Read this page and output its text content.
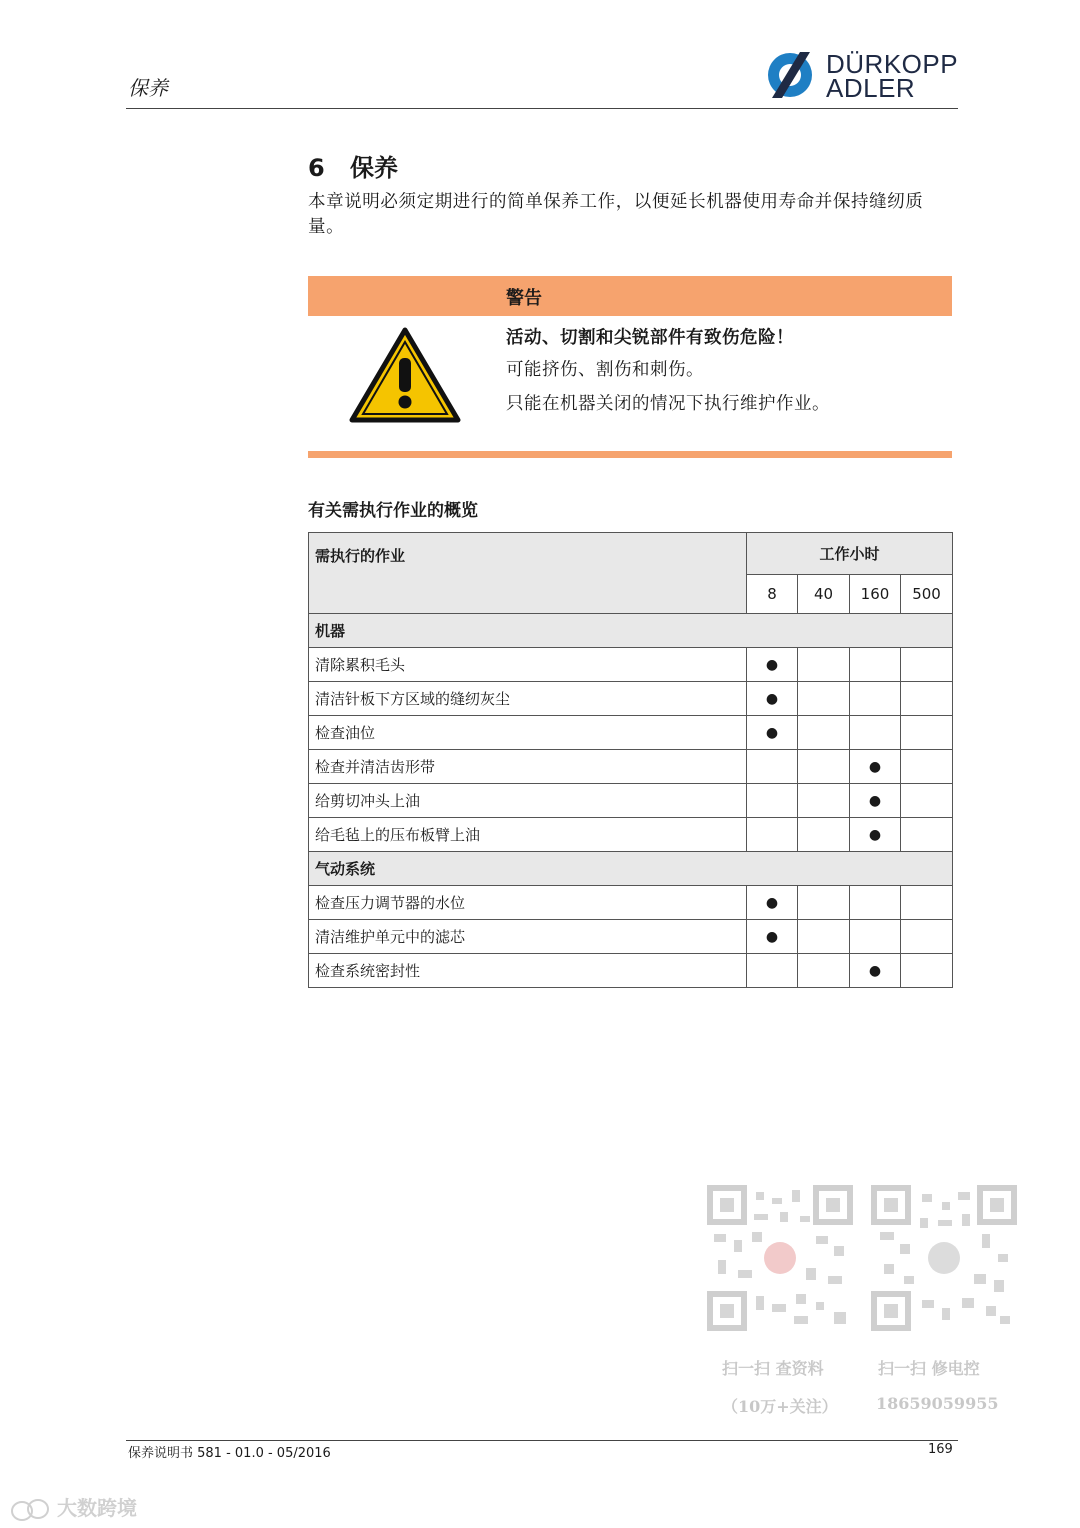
保养
DÜRKOPP
ADLER
6 保养
本章说明必须定期进行的简单保养工作，以便延长机器使用寿命并保持缝纫质量。
警告
活动、切割和尖锐部件有致伤危险！
可能挤伤、割伤和刺伤。
只能在机器关闭的情况下执行维护作业。
有关需执行作业的概览
需执行的作业	工作小时			
	8	40	160	500
机器				
清除累积毛头	●			
清洁针板下方区域的缝纫灰尘	●			
检查油位	●			
检查并清洁齿形带			●	
给剪切冲头上油			●	
给毛毡上的压布板臂上油			●	
气动系统				
检查压力调节器的水位	●			
清洁维护单元中的滤芯	●			
检查系统密封性			●	
扫一扫 查资料
（10万+关注）
扫一扫 修电控
18659059955
保养说明书 581 - 01.0 - 05/2016	169
大数跨境
